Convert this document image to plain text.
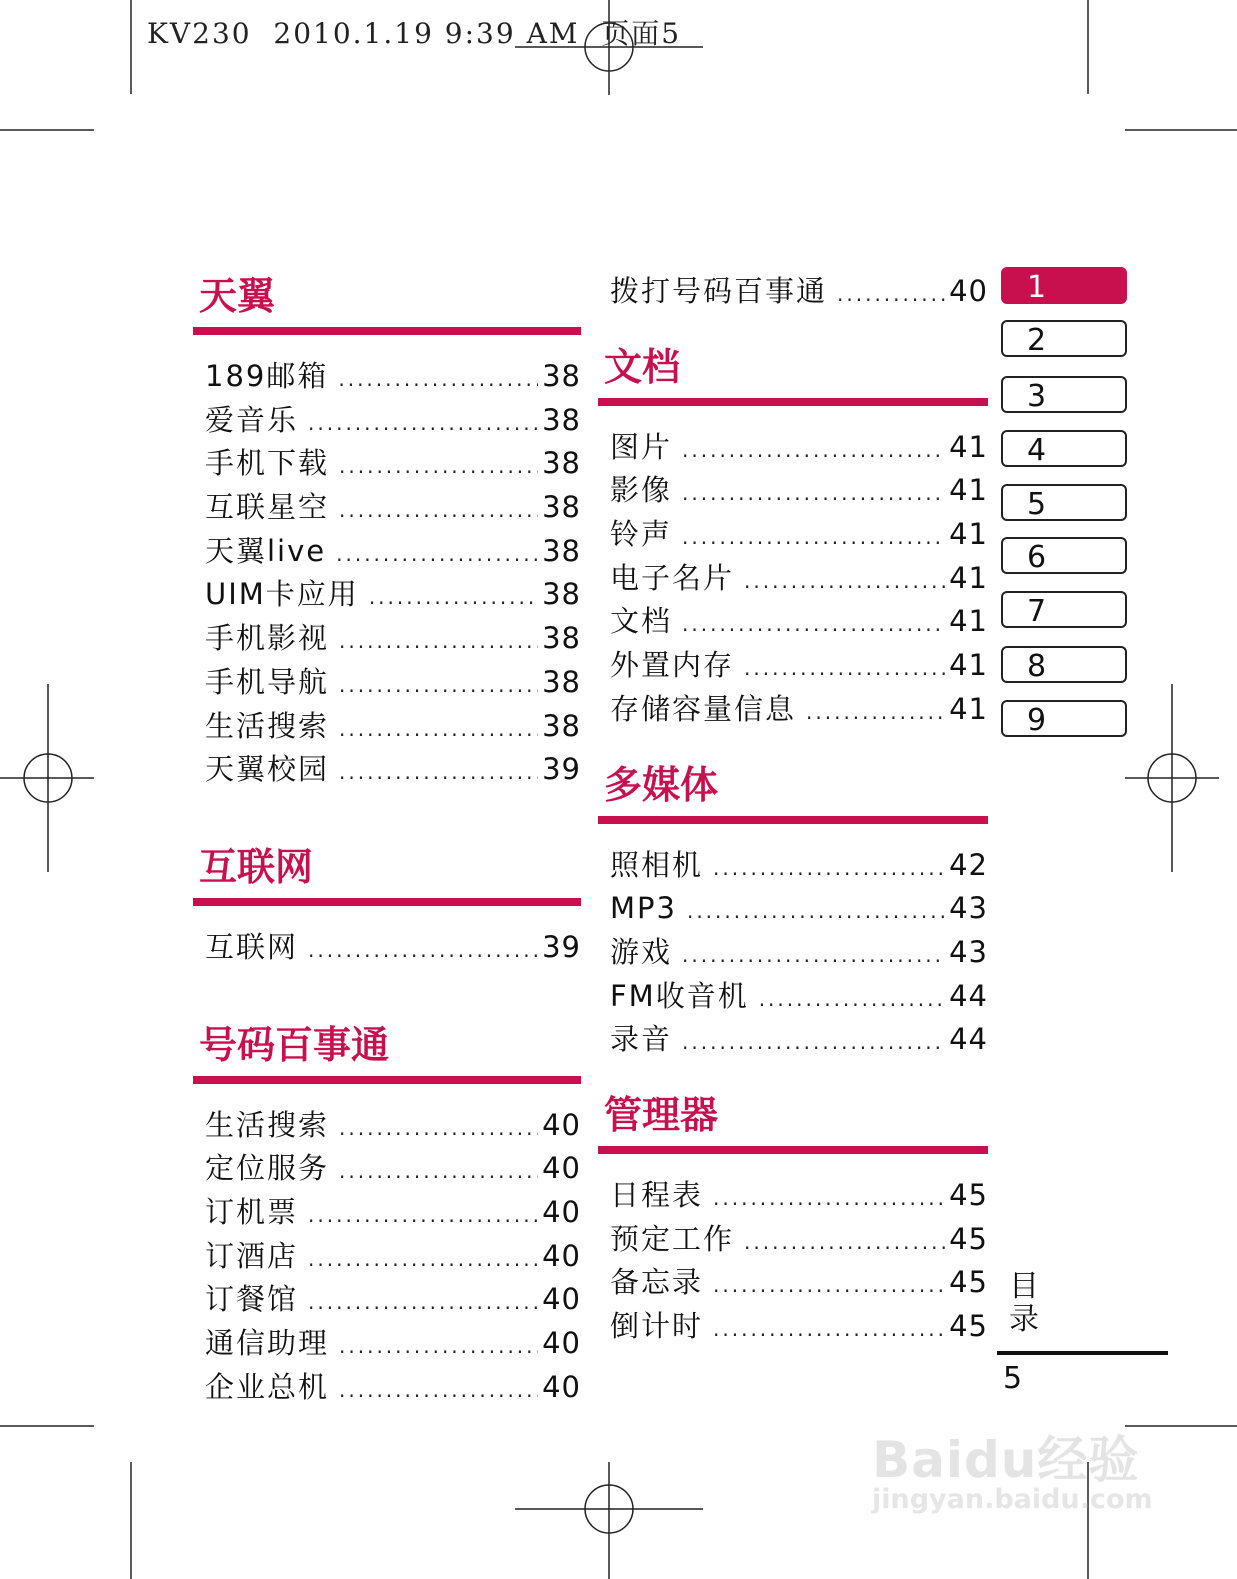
KV230  2010.1.19 9:39 AM  页面5
天翼
189邮箱 .....	38
爱音乐 .....	38
手机下载 .....	38
互联星空 .....	38
天翼live .....	38
UIM卡应用 .....	38
手机影视 .....	38
手机导航 .....	38
生活搜索 .....	38
天翼校园 .....	39
互联网
互联网 .....	39
号码百事通
生活搜索 .....	40
定位服务 .....	40
订机票 .....	40
订酒店 .....	40
订餐馆 .....	40
通信助理 .....	40
企业总机 .....	40
拨打号码百事通 .....	40
文档
图片 .....	41
影像 .....	41
铃声 .....	41
电子名片 .....	41
文档 .....	41
外置内存 .....	41
存储容量信息 .....	41
多媒体
照相机 .....	42
MP3 .....	43
游戏 .....	43
FM收音机 .....	44
录音 .....	44
管理器
日程表 .....	45
预定工作 .....	45
备忘录 .....	45
倒计时 .....	45
1
2
3
4
5
6
7
8
9
目录
5
Baidu经验
jingyan.baidu.com
